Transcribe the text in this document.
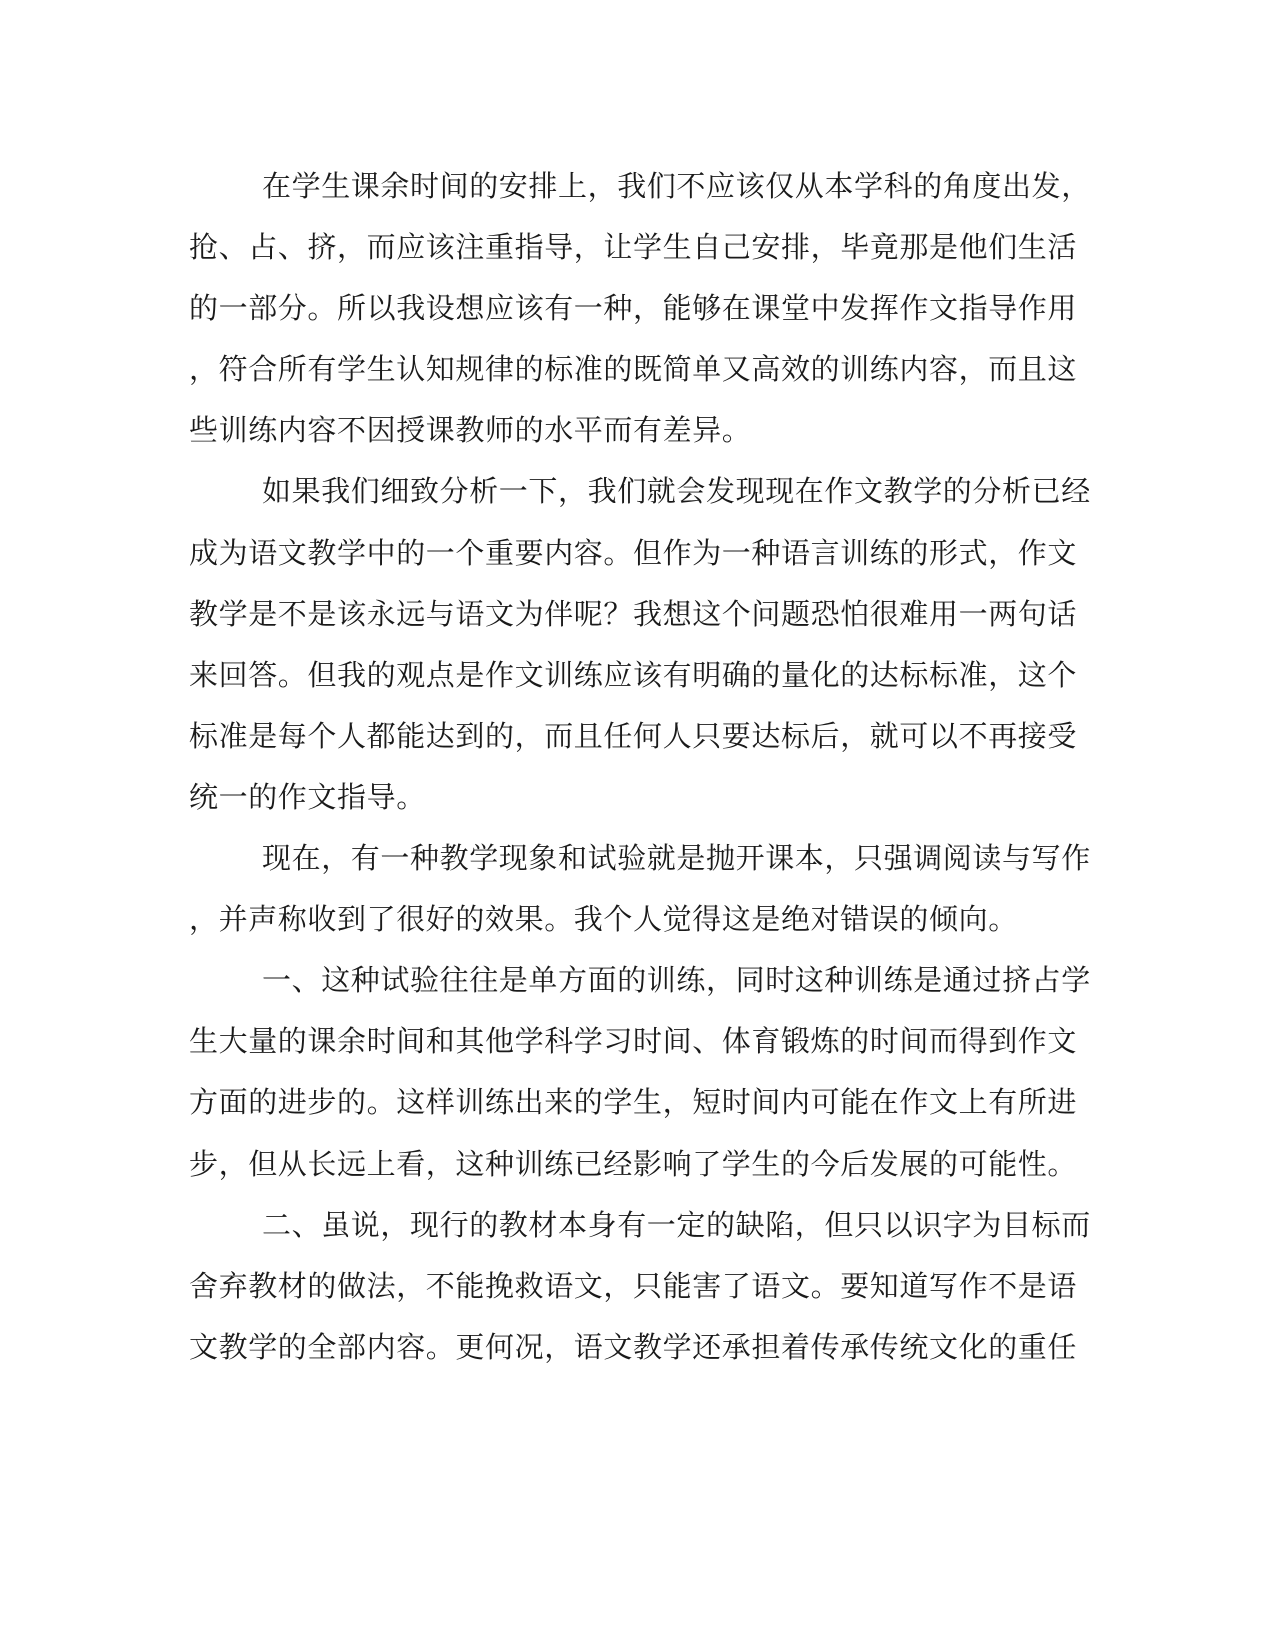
在学生课余时间的安排上，我们不应该仅从本学科的角度出发，
抢、占、挤，而应该注重指导，让学生自己安排，毕竟那是他们生活
的一部分。所以我设想应该有一种，能够在课堂中发挥作文指导作用
，符合所有学生认知规律的标准的既简单又高效的训练内容，而且这
些训练内容不因授课教师的水平而有差异。
如果我们细致分析一下，我们就会发现现在作文教学的分析已经
成为语文教学中的一个重要内容。但作为一种语言训练的形式，作文
教学是不是该永远与语文为伴呢？我想这个问题恐怕很难用一两句话
来回答。但我的观点是作文训练应该有明确的量化的达标标准，这个
标准是每个人都能达到的，而且任何人只要达标后，就可以不再接受
统一的作文指导。
现在，有一种教学现象和试验就是抛开课本，只强调阅读与写作
，并声称收到了很好的效果。我个人觉得这是绝对错误的倾向。
一、这种试验往往是单方面的训练，同时这种训练是通过挤占学
生大量的课余时间和其他学科学习时间、体育锻炼的时间而得到作文
方面的进步的。这样训练出来的学生，短时间内可能在作文上有所进
步，但从长远上看，这种训练已经影响了学生的今后发展的可能性。
二、虽说，现行的教材本身有一定的缺陷，但只以识字为目标而
舍弃教材的做法，不能挽救语文，只能害了语文。要知道写作不是语
文教学的全部内容。更何况，语文教学还承担着传承传统文化的重任
